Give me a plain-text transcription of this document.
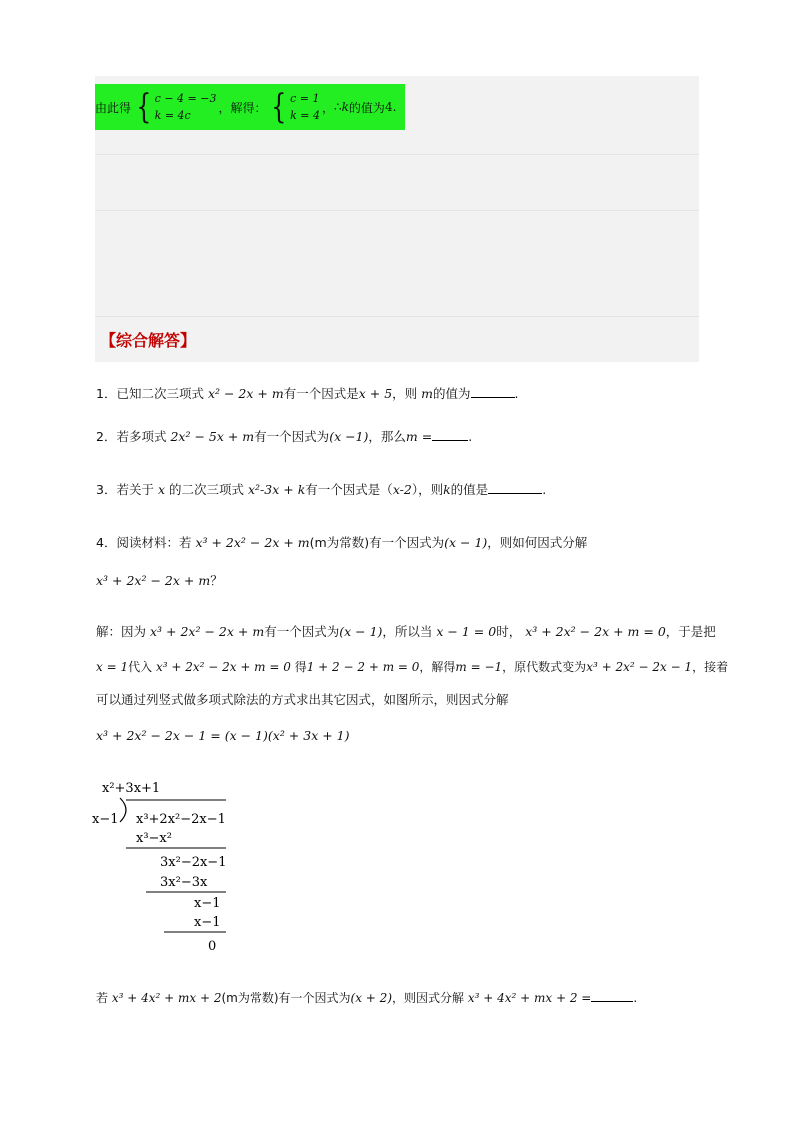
由此得 { c − 4 = −3
k = 4c
，解得： { c = 1
k = 4
， ∴ k 的值为 4 .
【综合解答】
1．已知二次三项式 x² − 2x + m有一个因式是x + 5，则 m的值为	.
2．若多项式 2x² − 5x + m有一个因式为(x −1)，那么m =	.
3．若关于 x 的二次三项式 x²-3x + k有一个因式是（x-2），则k的值是	.
4．阅读材料：若 x³ + 2x² − 2x + m(m为常数)有一个因式为(x − 1)，则如何因式分解
x³ + 2x² − 2x + m？
解：因为 x³ + 2x² − 2x + m有一个因式为(x − 1)，所以当 x − 1 = 0时， x³ + 2x² − 2x + m = 0，于是把
x = 1代入 x³ + 2x² − 2x + m = 0 得1 + 2 − 2 + m = 0，解得m = −1，原代数式变为x³ + 2x² − 2x − 1，接着
可以通过列竖式做多项式除法的方式求出其它因式，如图所示，则因式分解
x³ + 2x² − 2x − 1 = (x − 1)(x² + 3x + 1)
x²+3x+1
x−1 x³+2x²−2x−1
x³−x²
3x²−2x−1
3x²−3x
x−1
x−1
0
若 x³ + 4x² + mx + 2(m为常数)有一个因式为(x + 2)，则因式分解 x³ + 4x² + mx + 2 =	.
